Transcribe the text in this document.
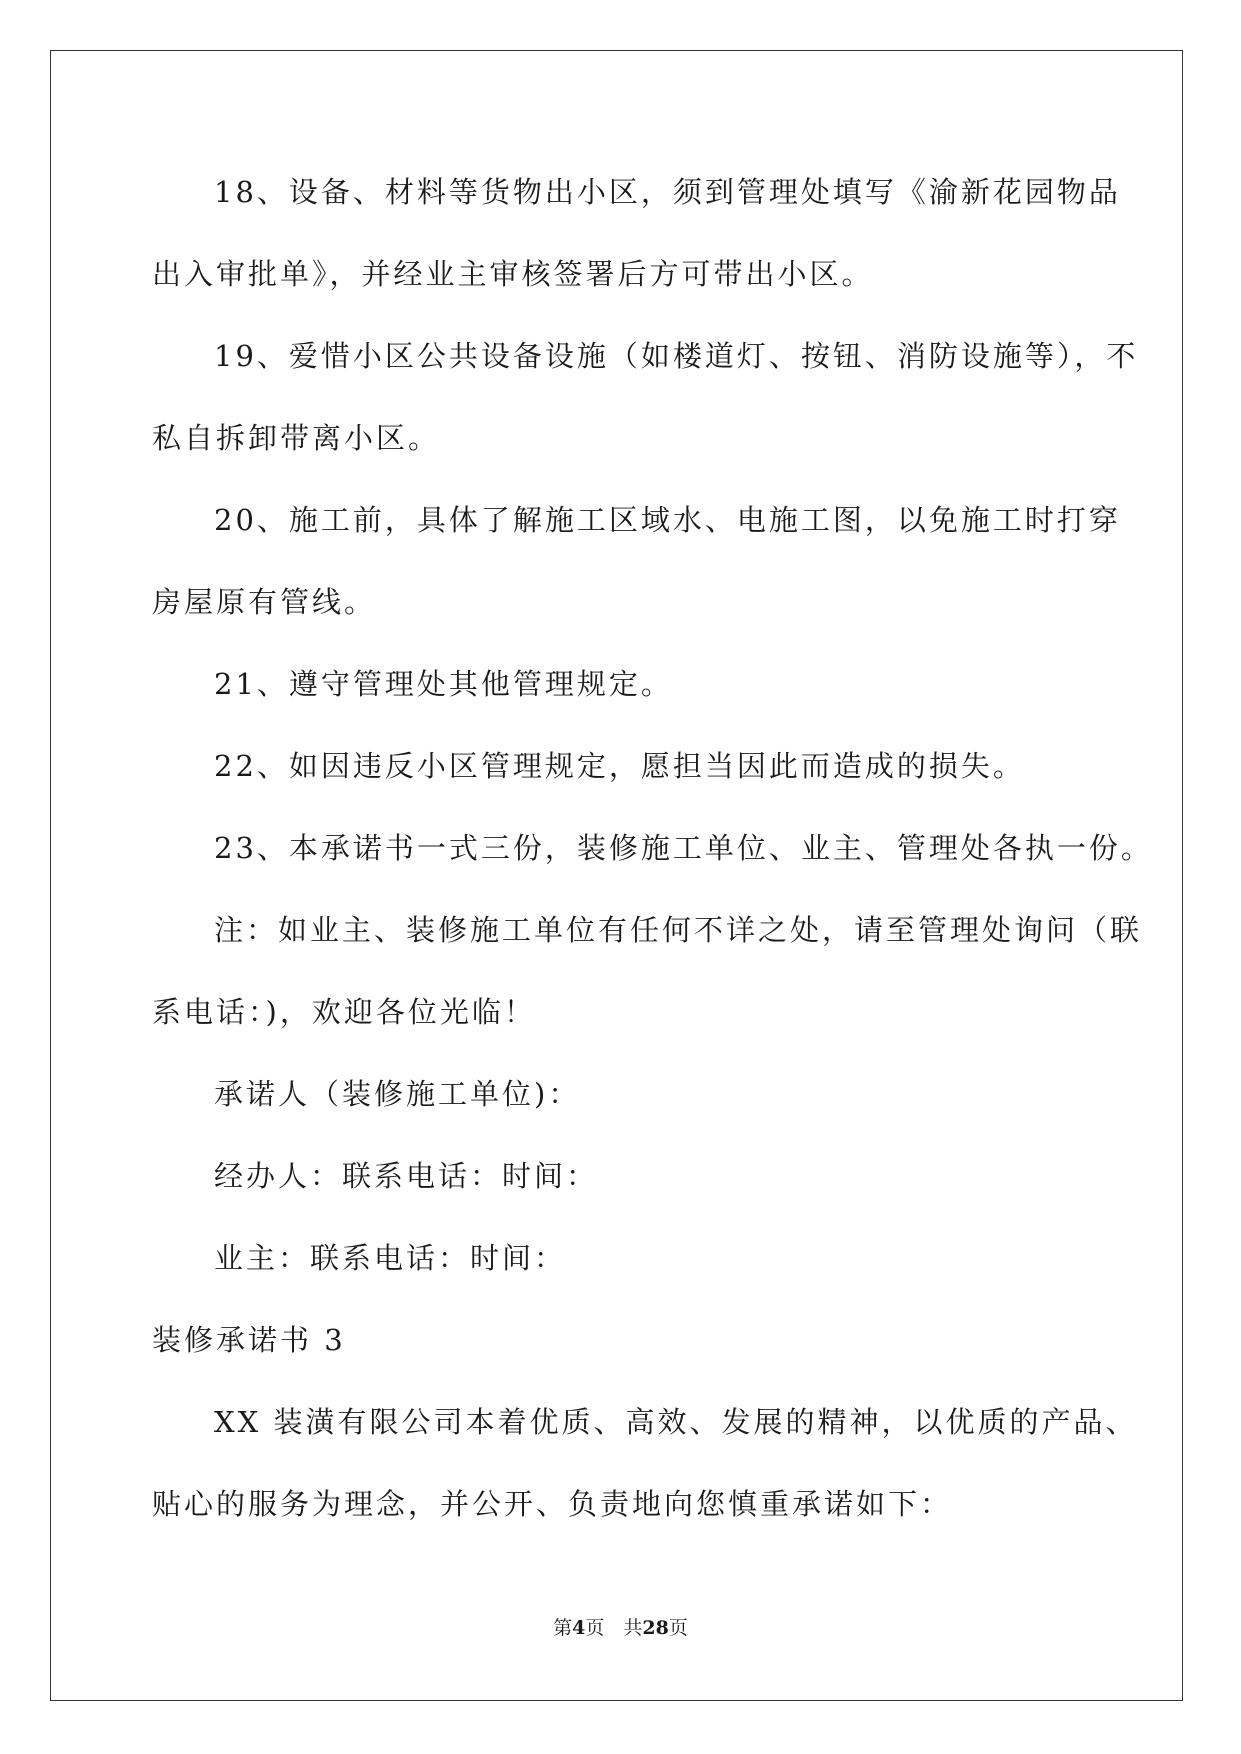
18、设备、材料等货物出小区，须到管理处填写《渝新花园物品
出入审批单》，并经业主审核签署后方可带出小区。
19、爱惜小区公共设备设施（如楼道灯、按钮、消防设施等），不
私自拆卸带离小区。
20、施工前，具体了解施工区域水、电施工图，以免施工时打穿
房屋原有管线。
21、遵守管理处其他管理规定。
22、如因违反小区管理规定，愿担当因此而造成的损失。
23、本承诺书一式三份，装修施工单位、业主、管理处各执一份。
注：如业主、装修施工单位有任何不详之处，请至管理处询问（联
系电话：)，欢迎各位光临！
承诺人（装修施工单位)：
经办人：联系电话：时间：
业主：联系电话：时间：
装修承诺书 3
XX 装潢有限公司本着优质、高效、发展的精神，以优质的产品、
贴心的服务为理念，并公开、负责地向您慎重承诺如下：
第4页　共28页
